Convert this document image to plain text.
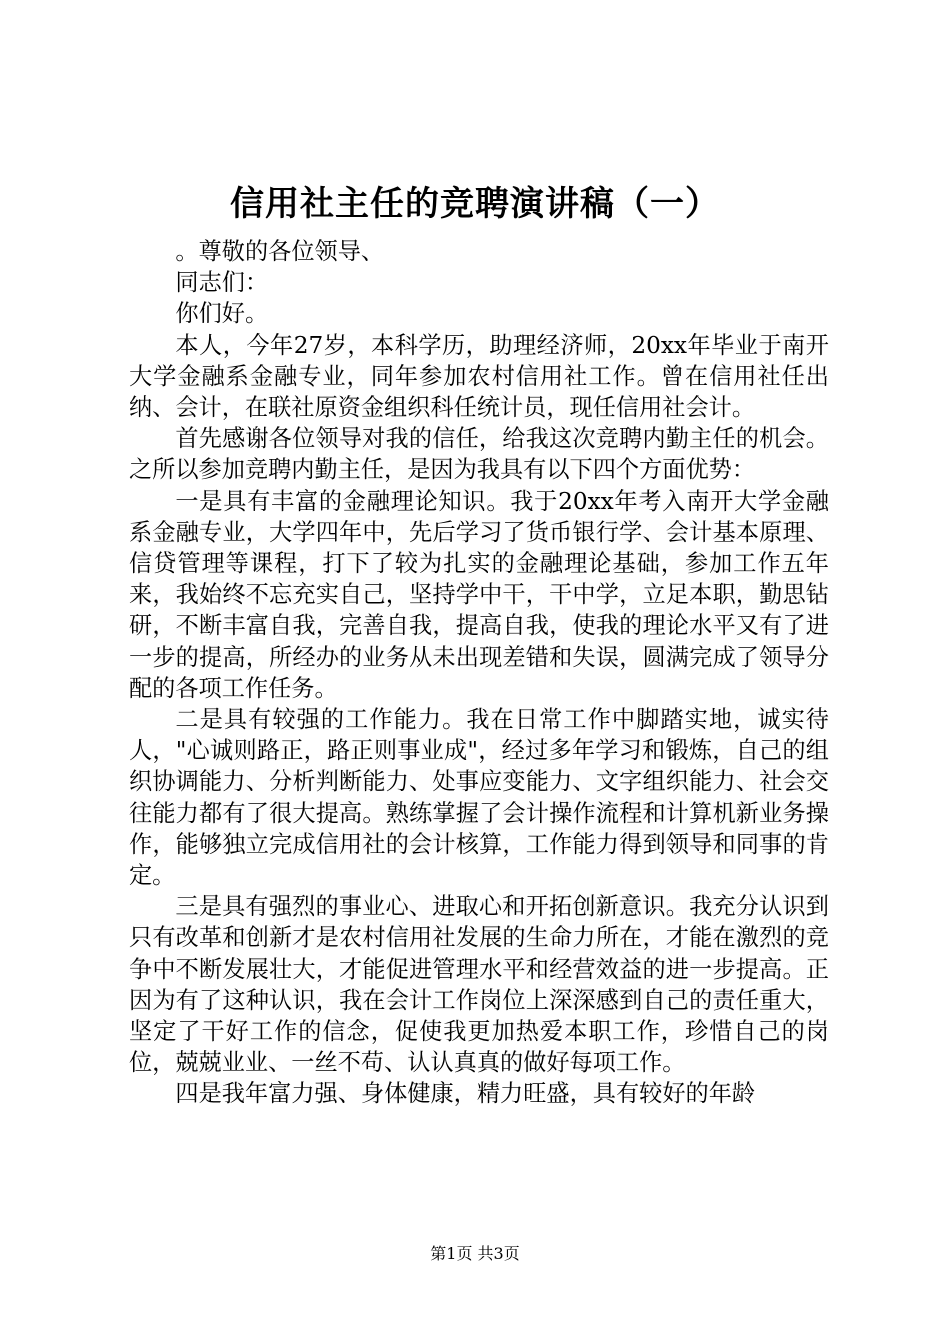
信用社主任的竞聘演讲稿（一）

。尊敬的各位领导、

同志们：

你们好。

本人，今年27岁，本科学历，助理经济师，20xx年毕业于南开大学金融系金融专业，同年参加农村信用社工作。曾在信用社任出纳、会计，在联社原资金组织科任统计员，现任信用社会计。

首先感谢各位领导对我的信任，给我这次竞聘内勤主任的机会。之所以参加竞聘内勤主任，是因为我具有以下四个方面优势：

一是具有丰富的金融理论知识。我于20xx年考入南开大学金融系金融专业，大学四年中，先后学习了货币银行学、会计基本原理、信贷管理等课程，打下了较为扎实的金融理论基础，参加工作五年来，我始终不忘充实自己，坚持学中干，干中学，立足本职，勤思钻研，不断丰富自我，完善自我，提高自我，使我的理论水平又有了进一步的提高，所经办的业务从未出现差错和失误，圆满完成了领导分配的各项工作任务。

二是具有较强的工作能力。我在日常工作中脚踏实地，诚实待人，"心诚则路正，路正则事业成"，经过多年学习和锻炼，自己的组织协调能力、分析判断能力、处事应变能力、文字组织能力、社会交往能力都有了很大提高。熟练掌握了会计操作流程和计算机新业务操作，能够独立完成信用社的会计核算，工作能力得到领导和同事的肯定。

三是具有强烈的事业心、进取心和开拓创新意识。我充分认识到只有改革和创新才是农村信用社发展的生命力所在，才能在激烈的竞争中不断发展壮大，才能促进管理水平和经营效益的进一步提高。正因为有了这种认识，我在会计工作岗位上深深感到自己的责任重大，坚定了干好工作的信念，促使我更加热爱本职工作，珍惜自己的岗位，兢兢业业、一丝不苟、认认真真的做好每项工作。

四是我年富力强、身体健康，精力旺盛，具有较好的年龄

第1页 共3页
